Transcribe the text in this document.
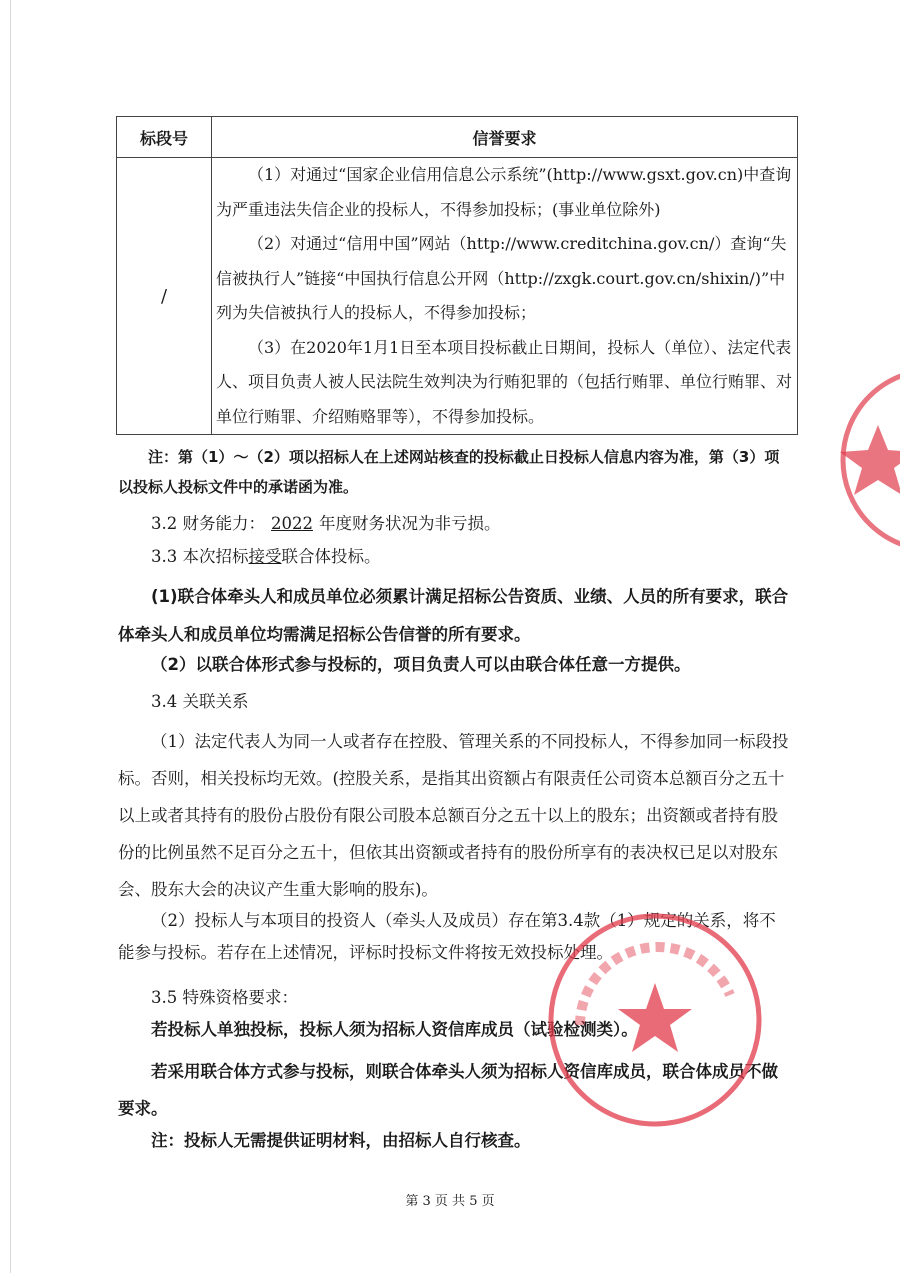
标段号	信誉要求
/	（1）对通过“国家企业信用信息公示系统”(http://www.gsxt.gov.cn)中查询为严重违法失信企业的投标人，不得参加投标；(事业单位除外)

（2）对通过“信用中国”网站（http://www.creditchina.gov.cn/）查询“失信被执行人”链接“中国执行信息公开网（http://zxgk.court.gov.cn/shixin/)”中列为失信被执行人的投标人，不得参加投标；

（3）在2020年1月1日至本项目投标截止日期间，投标人（单位）、法定代表人、项目负责人被人民法院生效判决为行贿犯罪的（包括行贿罪、单位行贿罪、对单位行贿罪、介绍贿赂罪等），不得参加投标。

注：第（1）～（2）项以招标人在上述网站核查的投标截止日投标人信息内容为准，第（3）项以投标人投标文件中的承诺函为准。

3.2 财务能力： 2022 年度财务状况为非亏损。

3.3 本次招标接受联合体投标。

(1)联合体牵头人和成员单位必须累计满足招标公告资质、业绩、人员的所有要求，联合体牵头人和成员单位均需满足招标公告信誉的所有要求。

（2）以联合体形式参与投标的，项目负责人可以由联合体任意一方提供。

3.4 关联关系

（1）法定代表人为同一人或者存在控股、管理关系的不同投标人，不得参加同一标段投标。否则，相关投标均无效。(控股关系，是指其出资额占有限责任公司资本总额百分之五十以上或者其持有的股份占股份有限公司股本总额百分之五十以上的股东；出资额或者持有股份的比例虽然不足百分之五十，但依其出资额或者持有的股份所享有的表决权已足以对股东会、股东大会的决议产生重大影响的股东)。

（2）投标人与本项目的投资人（牵头人及成员）存在第3.4款（1）规定的关系，将不能参与投标。若存在上述情况，评标时投标文件将按无效投标处理。

3.5 特殊资格要求：

若投标人单独投标，投标人须为招标人资信库成员（试验检测类）。

若采用联合体方式参与投标，则联合体牵头人须为招标人资信库成员，联合体成员不做要求。

注：投标人无需提供证明材料，由招标人自行核查。

第 3 页 共 5 页
